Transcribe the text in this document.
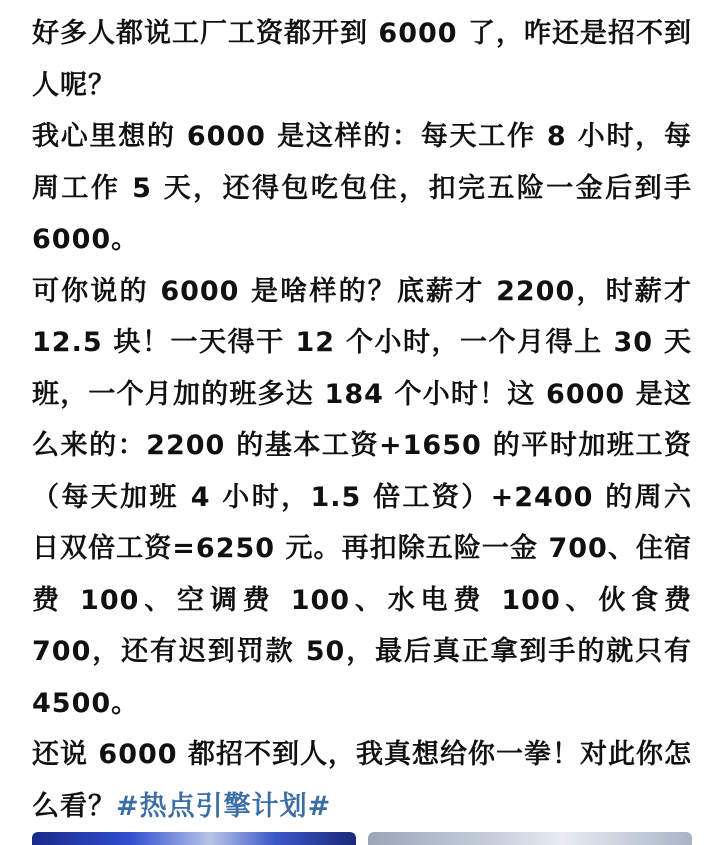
好多人都说工厂工资都开到 6000 了，咋还是招不到人呢？

我心里想的 6000 是这样的：每天工作 8 小时，每周工作 5 天，还得包吃包住，扣完五险一金后到手 6000。

可你说的 6000 是啥样的？底薪才 2200，时薪才 12.5 块！一天得干 12 个小时，一个月得上 30 天班，一个月加的班多达 184 个小时！这 6000 是这么来的：2200 的基本工资+1650 的平时加班工资（每天加班 4 小时，1.5 倍工资）+2400 的周六日双倍工资=6250 元。再扣除五险一金 700、住宿费 100、空调费 100、水电费 100、伙食费 700，还有迟到罚款 50，最后真正拿到手的就只有 4500。

还说 6000 都招不到人，我真想给你一拳！对此你怎么看？#热点引擎计划#
